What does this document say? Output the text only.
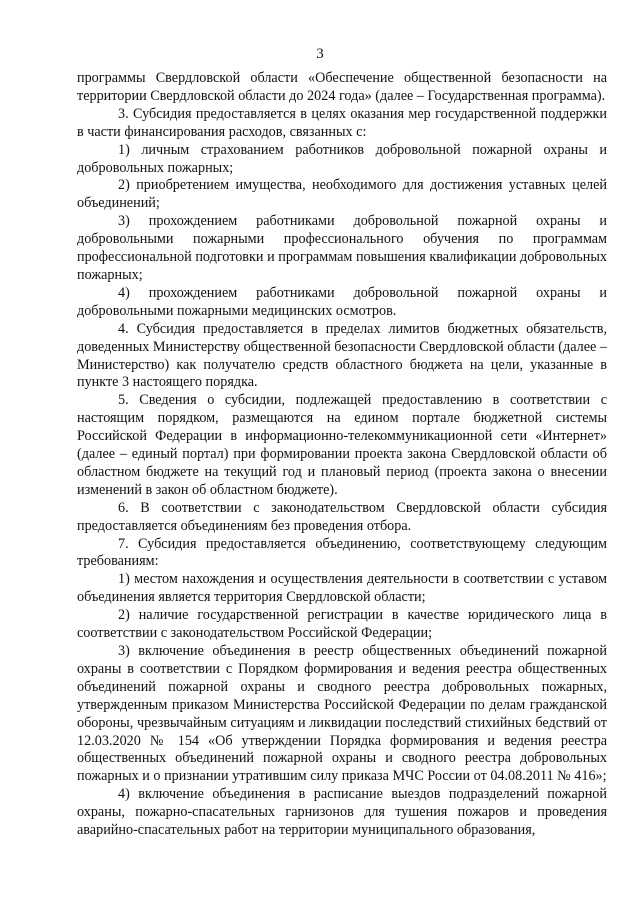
3

программы Свердловской области «Обеспечение общественной безопасности на территории Свердловской области до 2024 года» (далее – Государственная программа).

3. Субсидия предоставляется в целях оказания мер государственной поддержки в части финансирования расходов, связанных с:

1) личным страхованием работников добровольной пожарной охраны и добровольных пожарных;

2) приобретением имущества, необходимого для достижения уставных целей объединений;

3) прохождением работниками добровольной пожарной охраны и добровольными пожарными профессионального обучения по программам профессиональной подготовки и программам повышения квалификации добровольных пожарных;

4) прохождением работниками добровольной пожарной охраны и добровольными пожарными медицинских осмотров.

4. Субсидия предоставляется в пределах лимитов бюджетных обязательств, доведенных Министерству общественной безопасности Свердловской области (далее – Министерство) как получателю средств областного бюджета на цели, указанные в пункте 3 настоящего порядка.

5. Сведения о субсидии, подлежащей предоставлению в соответствии с настоящим порядком, размещаются на едином портале бюджетной системы Российской Федерации в информационно-телекоммуникационной сети «Интернет» (далее – единый портал) при формировании проекта закона Свердловской области об областном бюджете на текущий год и плановый период (проекта закона о внесении изменений в закон об областном бюджете).

6. В соответствии с законодательством Свердловской области субсидия предоставляется объединениям без проведения отбора.

7. Субсидия предоставляется объединению, соответствующему следующим требованиям:

1) местом нахождения и осуществления деятельности в соответствии с уставом объединения является территория Свердловской области;

2) наличие государственной регистрации в качестве юридического лица в соответствии с законодательством Российской Федерации;

3) включение объединения в реестр общественных объединений пожарной охраны в соответствии с Порядком формирования и ведения реестра общественных объединений пожарной охраны и сводного реестра добровольных пожарных, утвержденным приказом Министерства Российской Федерации по делам гражданской обороны, чрезвычайным ситуациям и ликвидации последствий стихийных бедствий от 12.03.2020 № 154 «Об утверждении Порядка формирования и ведения реестра общественных объединений пожарной охраны и сводного реестра добровольных пожарных и о признании утратившим силу приказа МЧС России от 04.08.2011 № 416»;

4) включение объединения в расписание выездов подразделений пожарной охраны, пожарно-спасательных гарнизонов для тушения пожаров и проведения аварийно-спасательных работ на территории муниципального образования,
